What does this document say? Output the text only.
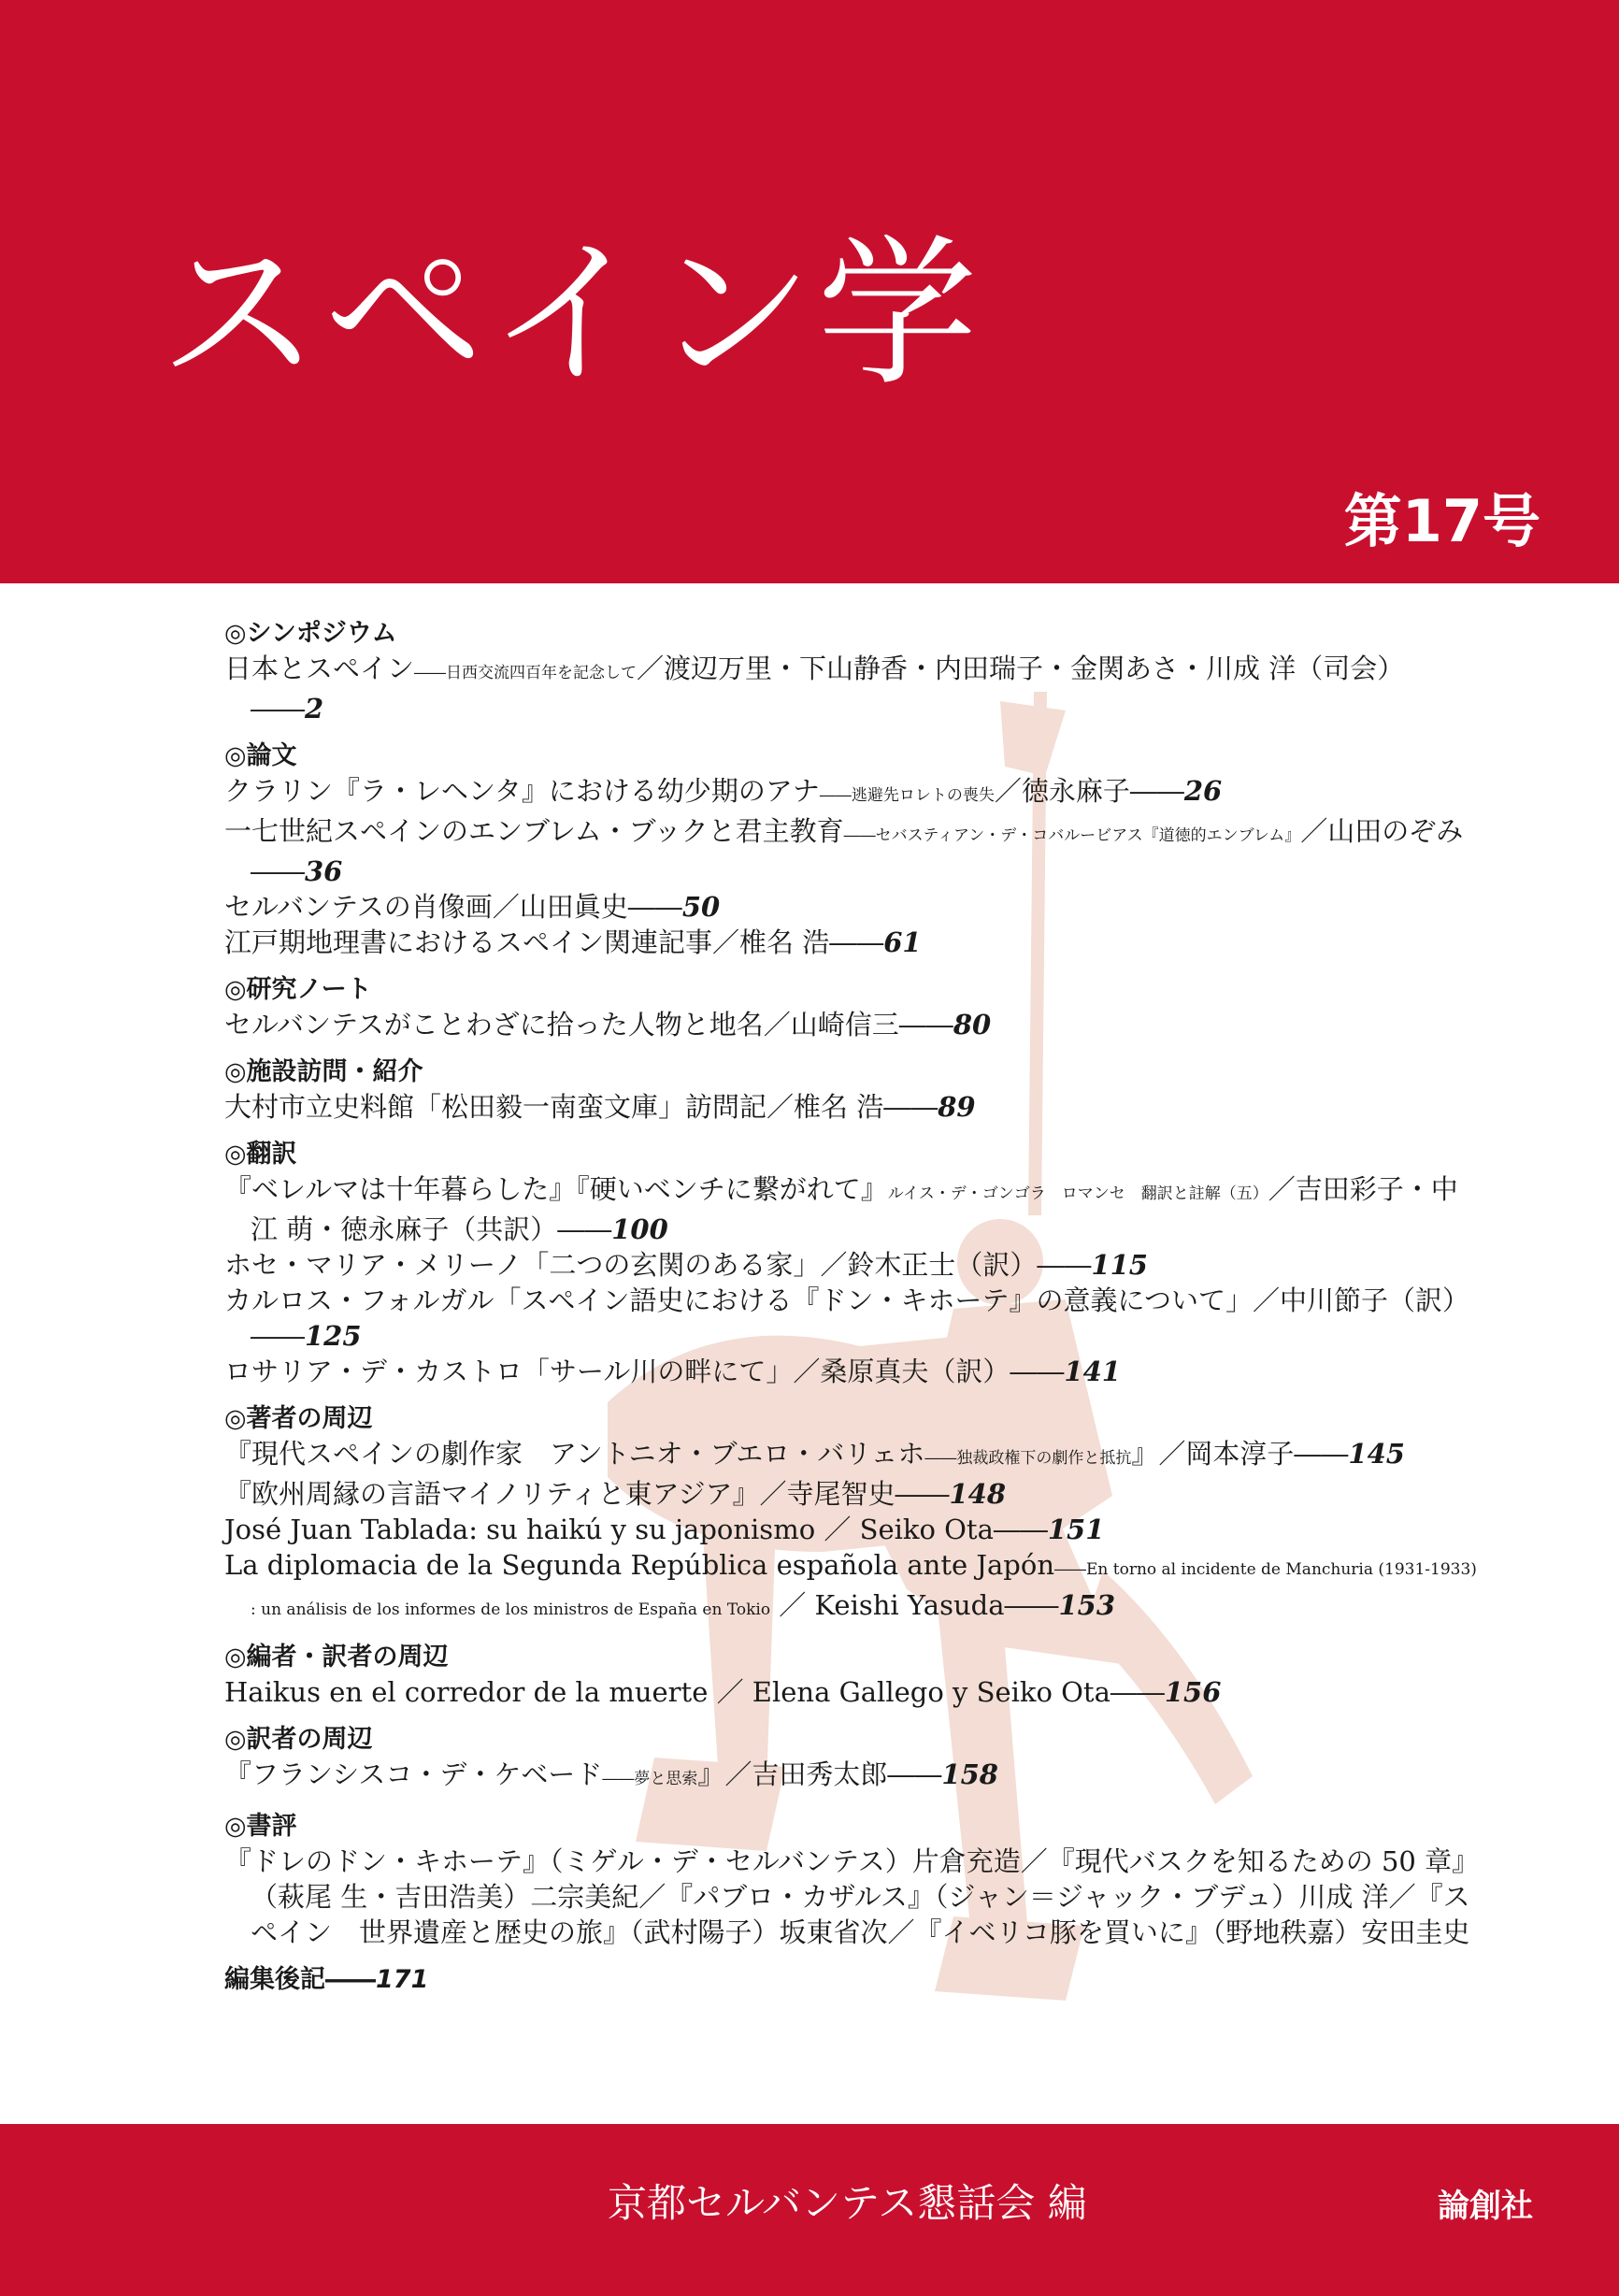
スペイン学
第17号
◎シンポジウム
日本とスペイン――日西交流四百年を記念して／渡辺万里・下山静香・内田瑞子・金関あさ・川成 洋（司会）――2
◎論文
クラリン『ラ・レヘンタ』における幼少期のアナ――逃避先ロレトの喪失／徳永麻子――26
一七世紀スペインのエンブレム・ブックと君主教育――セバスティアン・デ・コバルービアス『道徳的エンブレム』／山田のぞみ――36
セルバンテスの肖像画／山田眞史――50
江戸期地理書におけるスペイン関連記事／椎名 浩――61
◎研究ノート
セルバンテスがことわざに拾った人物と地名／山崎信三――80
◎施設訪問・紹介
大村市立史料館「松田毅一南蛮文庫」訪問記／椎名 浩――89
◎翻訳
『ベレルマは十年暮らした』『硬いベンチに繋がれて』ルイス・デ・ゴンゴラ　ロマンセ　翻訳と註解（五）／吉田彩子・中江 萌・徳永麻子（共訳）――100
ホセ・マリア・メリーノ「二つの玄関のある家」／鈴木正士（訳）――115
カルロス・フォルガル「スペイン語史における『ドン・キホーテ』の意義について」／中川節子（訳）――125
ロサリア・デ・カストロ「サール川の畔にて」／桑原真夫（訳）――141
◎著者の周辺
『現代スペインの劇作家　アントニオ・ブエロ・バリェホ――独裁政権下の劇作と抵抗』／岡本淳子――145
『欧州周縁の言語マイノリティと東アジア』／寺尾智史――148
José Juan Tablada: su haikú y su japonismo ／ Seiko Ota――151
La diplomacia de la Segunda República española ante Japón――En torno al incidente de Manchuria (1931-1933) : un análisis de los informes de los ministros de España en Tokio ／ Keishi Yasuda――153
◎編者・訳者の周辺
Haikus en el corredor de la muerte ／ Elena Gallego y Seiko Ota――156
◎訳者の周辺
『フランシスコ・デ・ケベード――夢と思索』／吉田秀太郎――158
◎書評
『ドレのドン・キホーテ』（ミゲル・デ・セルバンテス）片倉充造／『現代バスクを知るための 50 章』（萩尾 生・吉田浩美）二宗美紀／『パブロ・カザルス』（ジャン＝ジャック・ブデュ）川成 洋／『スペイン　世界遺産と歴史の旅』（武村陽子）坂東省次／『イベリコ豚を買いに』（野地秩嘉）安田圭史
編集後記――171
京都セルバンテス懇話会 編	論創社
